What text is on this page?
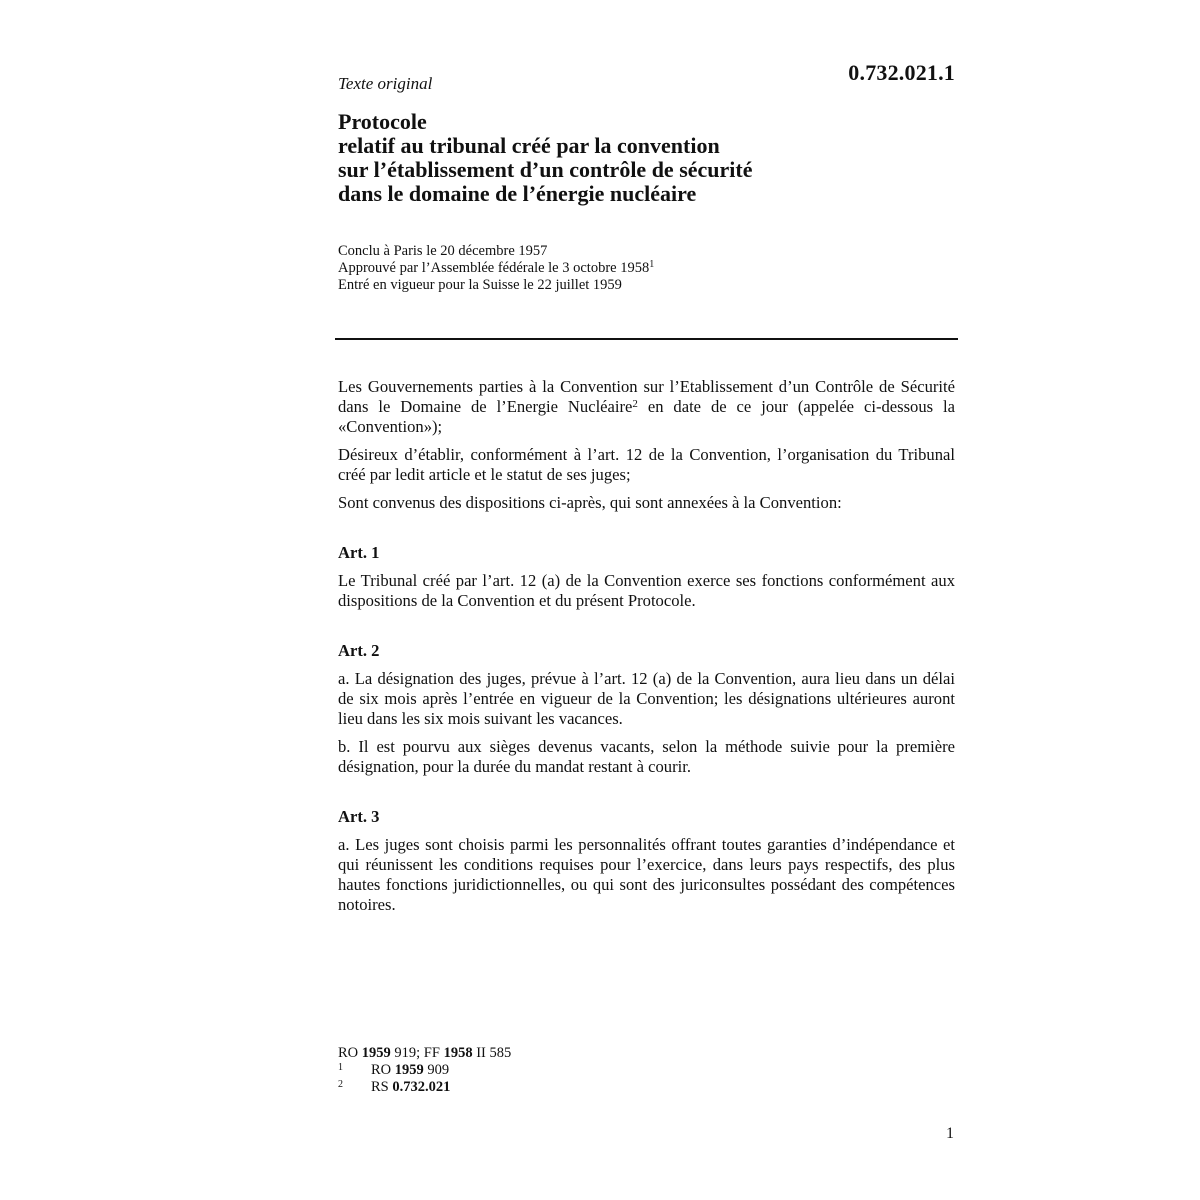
0.732.021.1
Texte original
Protocole
relatif au tribunal créé par la convention
sur l’établissement d’un contrôle de sécurité
dans le domaine de l’énergie nucléaire
Conclu à Paris le 20 décembre 1957
Approuvé par l’Assemblée fédérale le 3 octobre 1958$^1$
Entré en vigueur pour la Suisse le 22 juillet 1959

Les Gouvernements parties à la Convention sur l’Etablissement d’un Contrôle de Sécurité dans le Domaine de l’Energie Nucléaire$^2$ en date de ce jour (appelée ci-dessous la «Convention»);

Désireux d’établir, conformément à l’art. 12 de la Convention, l’organisation du Tribunal créé par ledit article et le statut de ses juges;

Sont convenus des dispositions ci-après, qui sont annexées à la Convention:

Art. 1

Le Tribunal créé par l’art. 12 (a) de la Convention exerce ses fonctions conformément aux dispositions de la Convention et du présent Protocole.

Art. 2

a. La désignation des juges, prévue à l’art. 12 (a) de la Convention, aura lieu dans un délai de six mois après l’entrée en vigueur de la Convention; les désignations ultérieures auront lieu dans les six mois suivant les vacances.

b. Il est pourvu aux sièges devenus vacants, selon la méthode suivie pour la première désignation, pour la durée du mandat restant à courir.

Art. 3

a. Les juges sont choisis parmi les personnalités offrant toutes garanties d’indépendance et qui réunissent les conditions requises pour l’exercice, dans leurs pays respectifs, des plus hautes fonctions juridictionnelles, ou qui sont des juriconsultes possédant des compétences notoires.

RO 1959 919; FF 1958 II 585
1	RO 1959 909
2	RS 0.732.021
1
